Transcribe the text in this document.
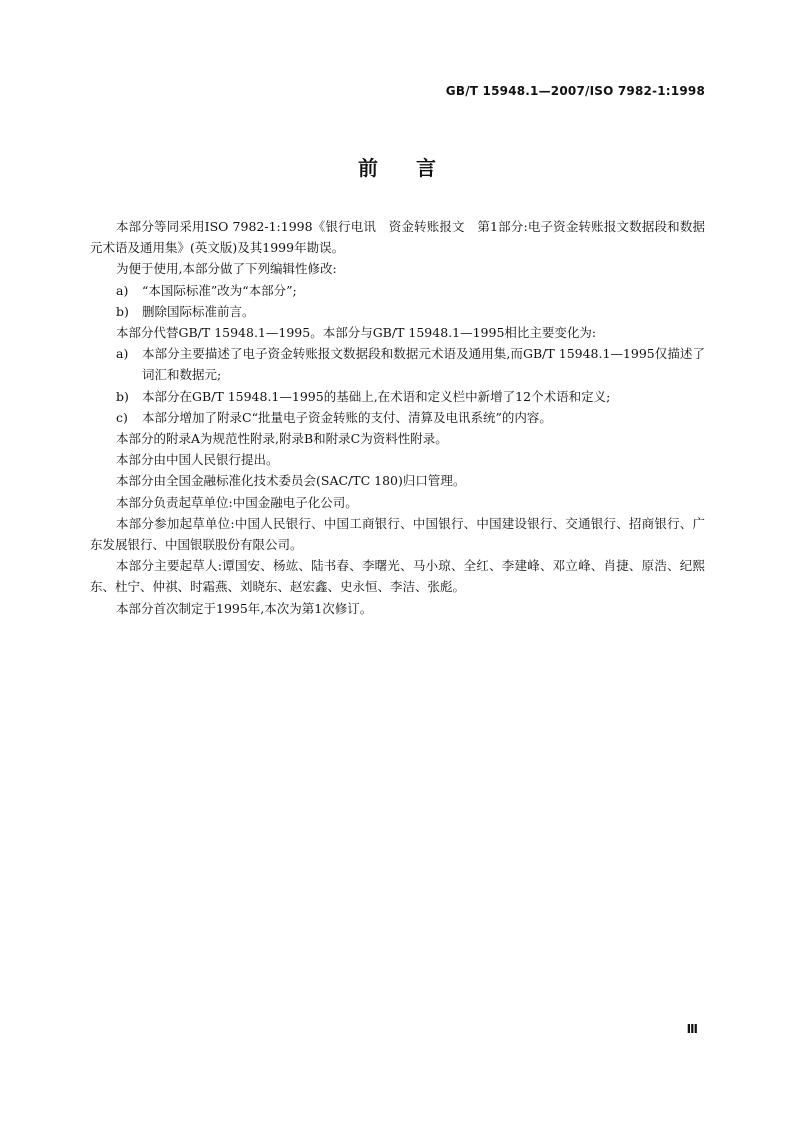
GB/T 15948.1—2007/ISO 7982-1:1998
前言

本部分等同采用ISO 7982-1:1998《银行电讯　资金转账报文　第1部分:电子资金转账报文数据段和数据元术语及通用集》(英文版)及其1999年勘误。

为便于使用,本部分做了下列编辑性修改:

a) “本国际标准”改为“本部分”;
b) 删除国际标准前言。

本部分代替GB/T 15948.1—1995。本部分与GB/T 15948.1—1995相比主要变化为:

a) 本部分主要描述了电子资金转账报文数据段和数据元术语及通用集,而GB/T 15948.1—1995仅描述了词汇和数据元;
b) 本部分在GB/T 15948.1—1995的基础上,在术语和定义栏中新增了12个术语和定义;
c) 本部分增加了附录C“批量电子资金转账的支付、清算及电讯系统”的内容。

本部分的附录A为规范性附录,附录B和附录C为资料性附录。

本部分由中国人民银行提出。

本部分由全国金融标准化技术委员会(SAC/TC 180)归口管理。

本部分负责起草单位:中国金融电子化公司。

本部分参加起草单位:中国人民银行、中国工商银行、中国银行、中国建设银行、交通银行、招商银行、广东发展银行、中国银联股份有限公司。

本部分主要起草人:谭国安、杨竑、陆书春、李曙光、马小琼、全红、李建峰、邓立峰、肖捷、原浩、纪熙东、杜宁、仲祺、时霜燕、刘晓东、赵宏鑫、史永恒、李洁、张彪。

本部分首次制定于1995年,本次为第1次修订。

Ⅲ
